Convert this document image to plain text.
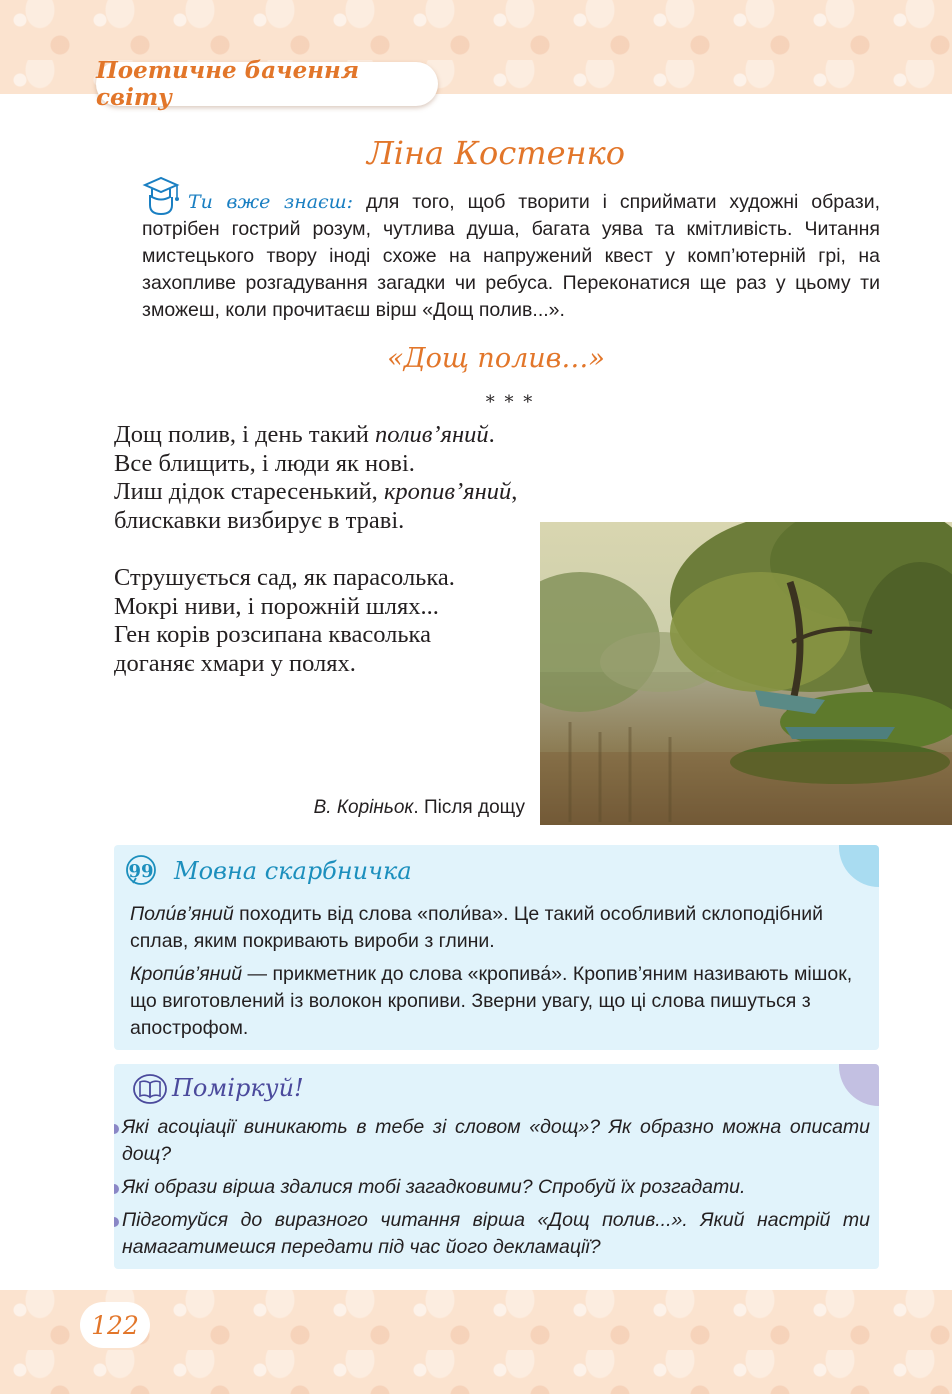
Поетичне бачення світу
Ліна Костенко
Ти вже знаєш: для того, щоб творити і сприймати художні образи, потрібен гострий розум, чутлива душа, багата уява та кмітливість. Читання мистецького твору іноді схоже на напружений квест у комп’ютерній грі, на захопливе розгадування загадки чи ребуса. Переконатися ще раз у цьому ти зможеш, коли прочитаєш вірш «Дощ полив...».
«Дощ полив…»
* * *
Дощ полив, і день такий полив’яний.
Все блищить, і люди як нові.
Лиш дідок старесенький, кропив’яний,
блискавки визбирує в траві.
Струшується сад, як парасолька.
Мокрі ниви, і порожній шлях...
Ген корів розсипана квасолька
доганяє хмари у полях.
В. Коріньок. Після дощу
99 Мовна скарбничка
Поли́в’яний походить від слова «поли́ва». Це такий особливий склоподібний сплав, яким покривають вироби з глини.
Кропи́в’яний — прикметник до слова «кропива́». Кропив’яним називають мішок, що виготовлений із волокон кропиви. Зверни увагу, що ці слова пишуться з апострофом.
Поміркуй!
Які асоціації виникають в тебе зі словом «дощ»? Як образно можна описати дощ?
Які образи вірша здалися тобі загадковими? Спробуй їх розгадати.
Підготуйся до виразного читання вірша «Дощ полив...». Який настрій ти намагатимешся передати під час його декламації?
122
